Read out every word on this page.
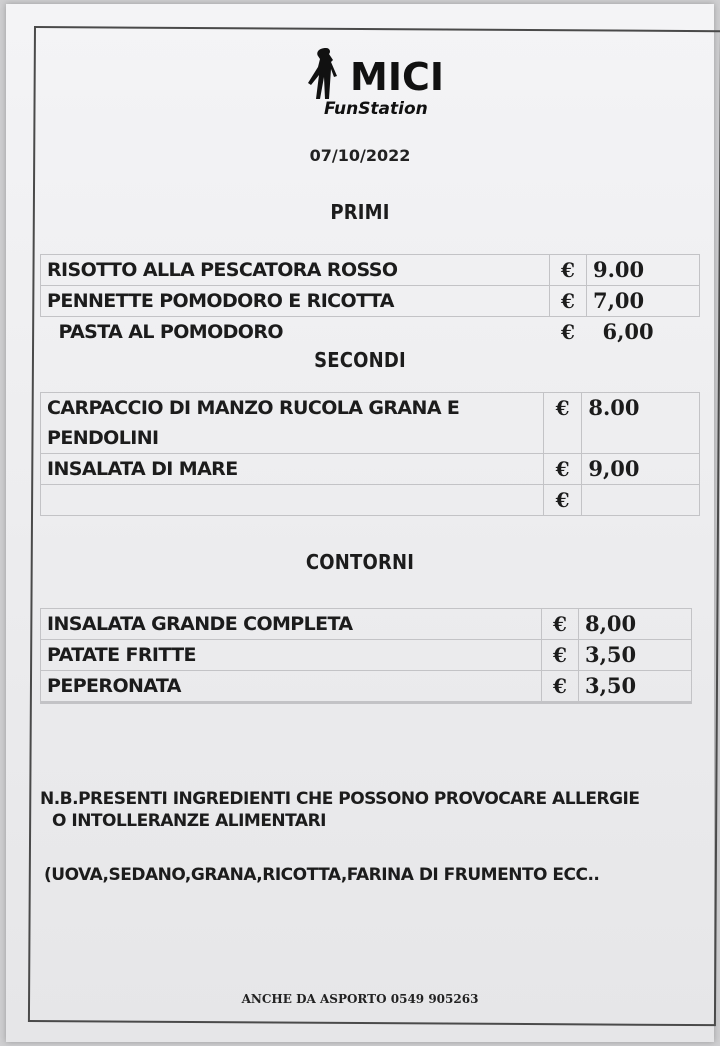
MICI
FunStation
07/10/2022
PRIMI
RISOTTO ALLA PESCATORA ROSSO	€	9.00
PENNETTE POMODORO E RICOTTA	€	7,00
PASTA AL POMODORO	€	6,00
SECONDI
CARPACCIO DI MANZO RUCOLA GRANA E PENDOLINI	€	8.00
INSALATA DI MARE	€	9,00
	€	
CONTORNI
INSALATA GRANDE COMPLETA	€	8,00
PATATE FRITTE	€	3,50
PEPERONATA	€	3,50

N.B.PRESENTI INGREDIENTI CHE POSSONO PROVOCARE ALLERGIE
O INTOLLERANZE ALIMENTARI
(UOVA,SEDANO,GRANA,RICOTTA,FARINA DI FRUMENTO ECC..
ANCHE DA ASPORTO 0549 905263
